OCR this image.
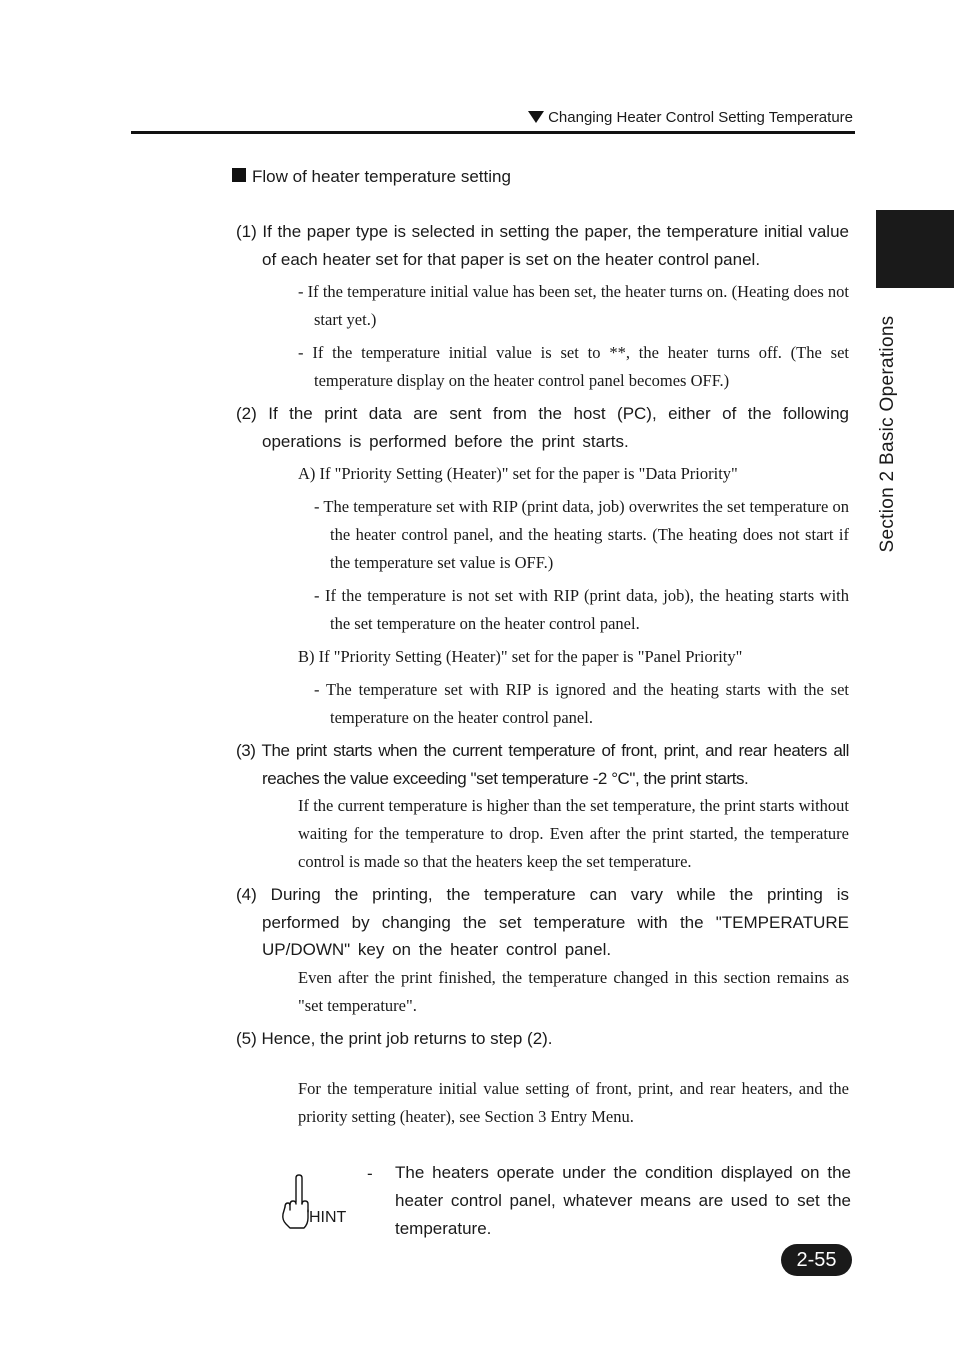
Changing Heater Control Setting Temperature
Section 2 Basic Operations
Flow of heater temperature setting

(1) If the paper type is selected in setting the paper, the temperature initial value of each heater set for that paper is set on the heater control panel.

- If the temperature initial value has been set, the heater turns on. (Heating does not start yet.)

- If the temperature initial value is set to **, the heater turns off. (The set temperature display on the heater control panel becomes OFF.)

(2) If the print data are sent from the host (PC), either of the following operations is performed before the print starts.

A) If "Priority Setting (Heater)" set for the paper is "Data Priority"

- The temperature set with RIP (print data, job) overwrites the set temperature on the heater control panel, and the heating starts. (The heating does not start if the temperature set value is OFF.)

- If the temperature is not set with RIP (print data, job), the heating starts with the set temperature on the heater control panel.

B) If "Priority Setting (Heater)" set for the paper is "Panel Priority"

- The temperature set with RIP is ignored and the heating starts with the set temperature on the heater control panel.

(3) The print starts when the current temperature of front, print, and rear heaters all reaches the value exceeding "set temperature -2 °C", the print starts.

If the current temperature is higher than the set temperature, the print starts without waiting for the temperature to drop. Even after the print started, the temperature control is made so that the heaters keep the set temperature.

(4) During the printing, the temperature can vary while the printing is performed by changing the set temperature with the "TEMPERATURE UP/DOWN" key on the heater control panel.

Even after the print finished, the temperature changed in this section remains as "set temperature".

(5) Hence, the print job returns to step (2).

For the temperature initial value setting of front, print, and rear heaters, and the priority setting (heater), see Section 3 Entry Menu.

HINT
- The heaters operate under the condition displayed on the heater control panel, whatever means are used to set the temperature.

2-55
